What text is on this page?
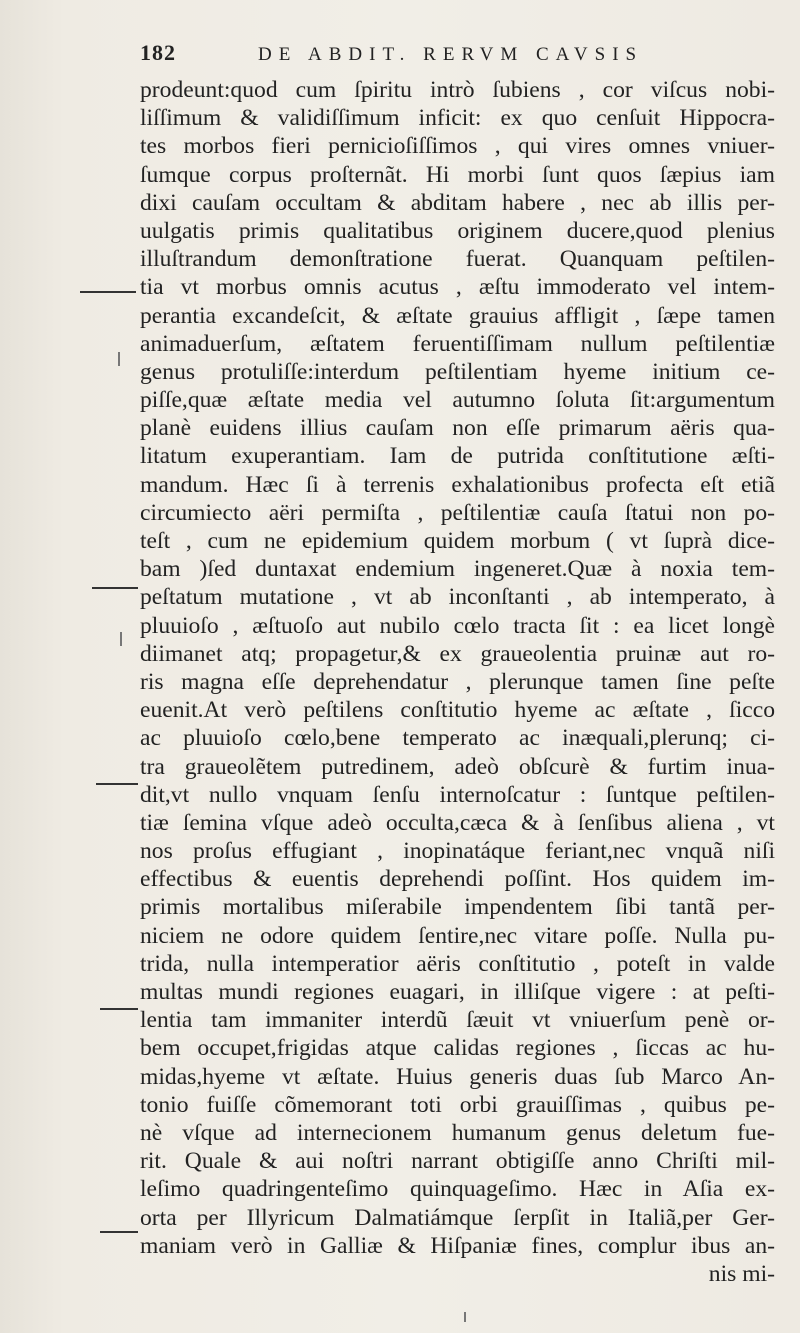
182	DE ABDIT. RERVM CAVSIS
prodeunt:quod cum ſpiritu intrò ſubiens , cor viſcus nobi-
liſſimum & validiſſimum inficit: ex quo cenſuit Hippocra-
tes morbos fieri pernicioſiſſimos , qui vires omnes vniuer-
ſumque corpus proſternãt. Hi morbi ſunt quos ſæpius iam
dixi cauſam occultam & abditam habere , nec ab illis per-
uulgatis primis qualitatibus originem ducere,quod plenius
illuſtrandum demonſtratione fuerat. Quanquam peſtilen-
tia vt morbus omnis acutus , æſtu immoderato vel intem-
perantia excandeſcit, & æſtate grauius affligit , ſæpe tamen
animaduerſum, æſtatem feruentiſſimam nullum peſtilentiæ
genus protuliſſe:interdum peſtilentiam hyeme initium ce-
piſſe,quæ æſtate media vel autumno ſoluta ſit:argumentum
planè euidens illius cauſam non eſſe primarum aëris qua-
litatum exuperantiam. Iam de putrida conſtitutione æſti-
mandum. Hæc ſi à terrenis exhalationibus profecta eſt etiã
circumiecto aëri permiſta , peſtilentiæ cauſa ſtatui non po-
teſt , cum ne epidemium quidem morbum ( vt ſuprà dice-
bam )ſed duntaxat endemium ingeneret.Quæ à noxia tem-
peſtatum mutatione , vt ab inconſtanti , ab intemperato, à
pluuioſo , æſtuoſo aut nubilo cœlo tracta ſit : ea licet longè
diimanet atq; propagetur,& ex graueolentia pruinæ aut ro-
ris magna eſſe deprehendatur , plerunque tamen ſine peſte
euenit.At verò peſtilens conſtitutio hyeme ac æſtate , ſicco
ac pluuioſo cœlo,bene temperato ac inæquali,plerunq; ci-
tra graueolẽtem putredinem, adeò obſcurè & furtim inua-
dit,vt nullo vnquam ſenſu internoſcatur : ſuntque peſtilen-
tiæ ſemina vſque adeò occulta,cæca & à ſenſibus aliena , vt
nos proſus effugiant , inopinatáque feriant,nec vnquã niſi
effectibus & euentis deprehendi poſſint. Hos quidem im-
primis mortalibus miſerabile impendentem ſibi tantã per-
niciem ne odore quidem ſentire,nec vitare poſſe. Nulla pu-
trida, nulla intemperatior aëris conſtitutio , poteſt in valde
multas mundi regiones euagari, in illiſque vigere : at peſti-
lentia tam immaniter interdũ ſæuit vt vniuerſum penè or-
bem occupet,frigidas atque calidas regiones , ſiccas ac hu-
midas,hyeme vt æſtate. Huius generis duas ſub Marco An-
tonio fuiſſe cõmemorant toti orbi grauiſſimas , quibus pe-
nè vſque ad internecionem humanum genus deletum fue-
rit. Quale & aui noſtri narrant obtigiſſe anno Chriſti mil-
leſimo quadringenteſimo quinquageſimo. Hæc in Aſia ex-
orta per Illyricum Dalmatiámque ſerpſit in Italiã,per Ger-
maniam verò in Galliæ & Hiſpaniæ fines, complur ibus an-
nis mi-
